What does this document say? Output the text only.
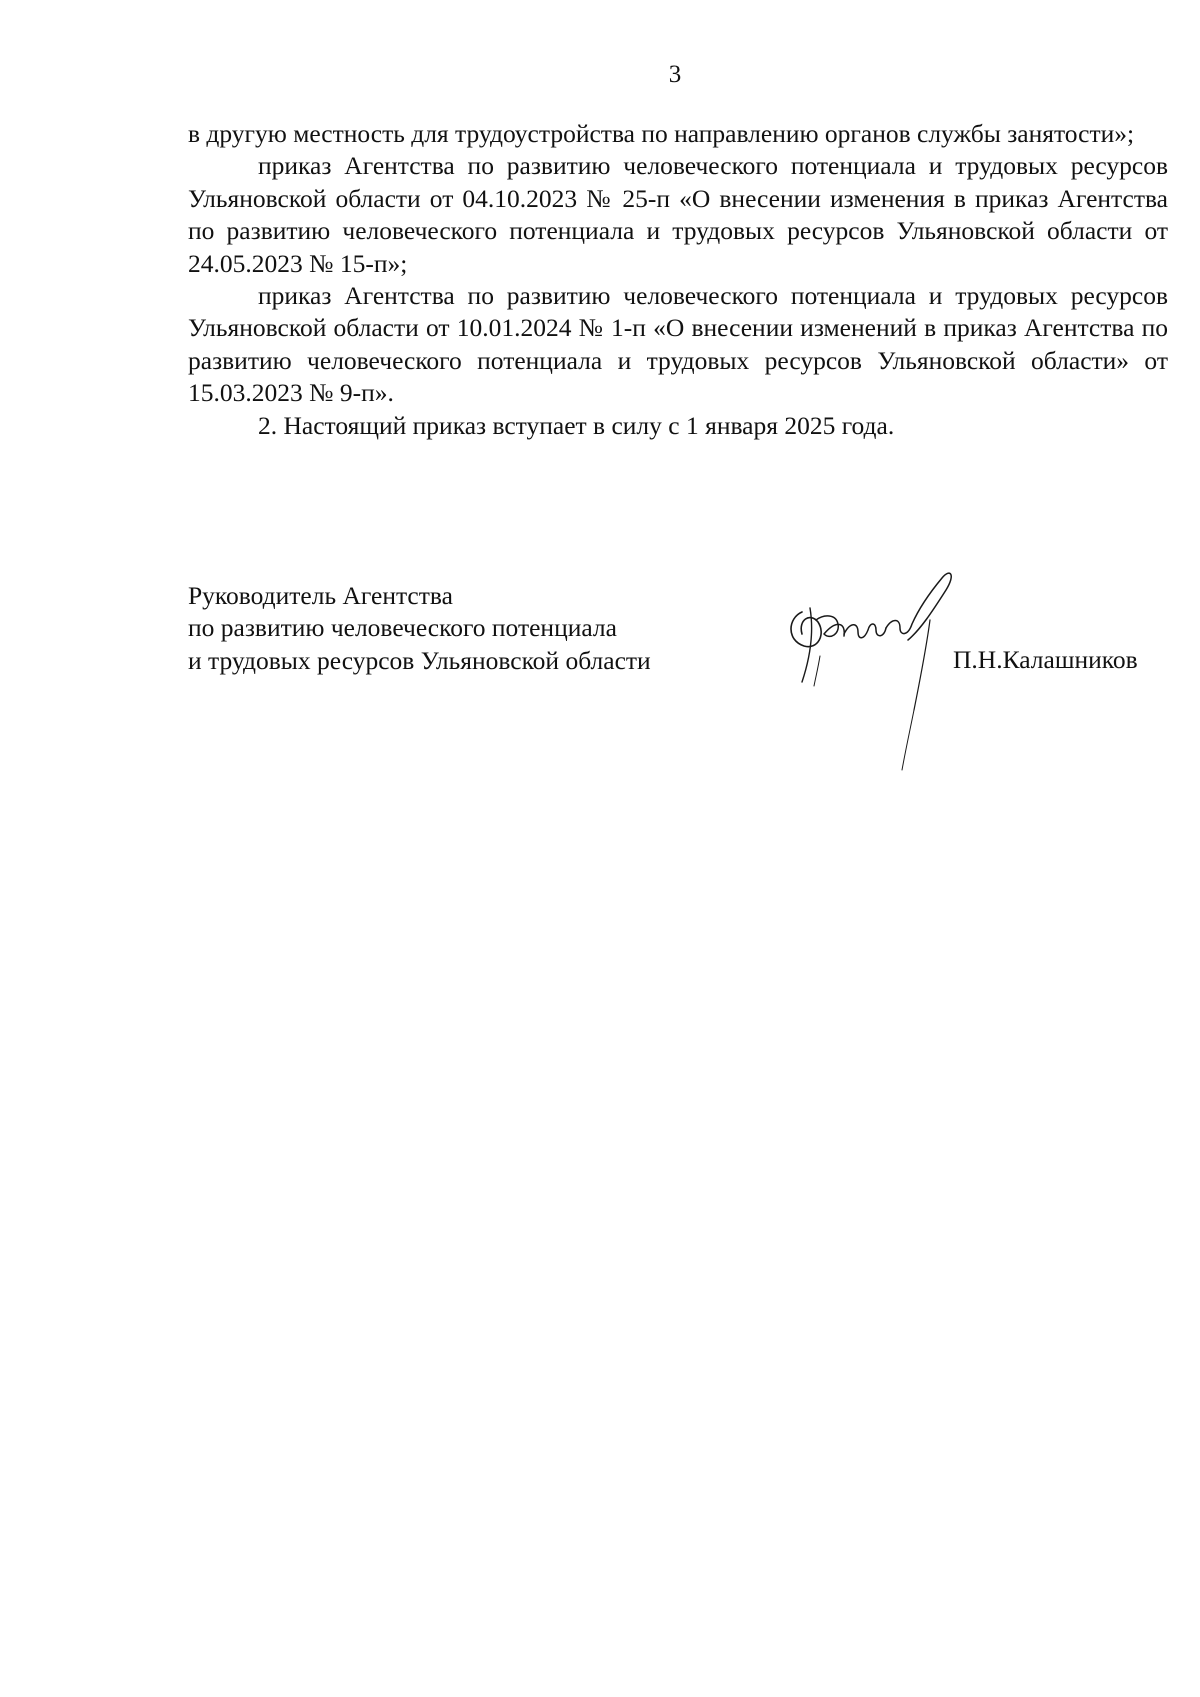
3

в другую местность для трудоустройства по направлению органов службы занятости»;

приказ Агентства по развитию человеческого потенциала и трудовых ресурсов Ульяновской области от 04.10.2023 № 25-п «О внесении изменения в приказ Агентства по развитию человеческого потенциала и трудовых ресурсов Ульяновской области от 24.05.2023 № 15-п»;

приказ Агентства по развитию человеческого потенциала и трудовых ресурсов Ульяновской области от 10.01.2024 № 1-п «О внесении изменений в приказ Агентства по развитию человеческого потенциала и трудовых ресурсов Ульяновской области» от 15.03.2023 № 9-п».

2. Настоящий приказ вступает в силу с 1 января 2025 года.

Руководитель Агентства
по развитию человеческого потенциала
и трудовых ресурсов Ульяновской области	П.Н.Калашников
